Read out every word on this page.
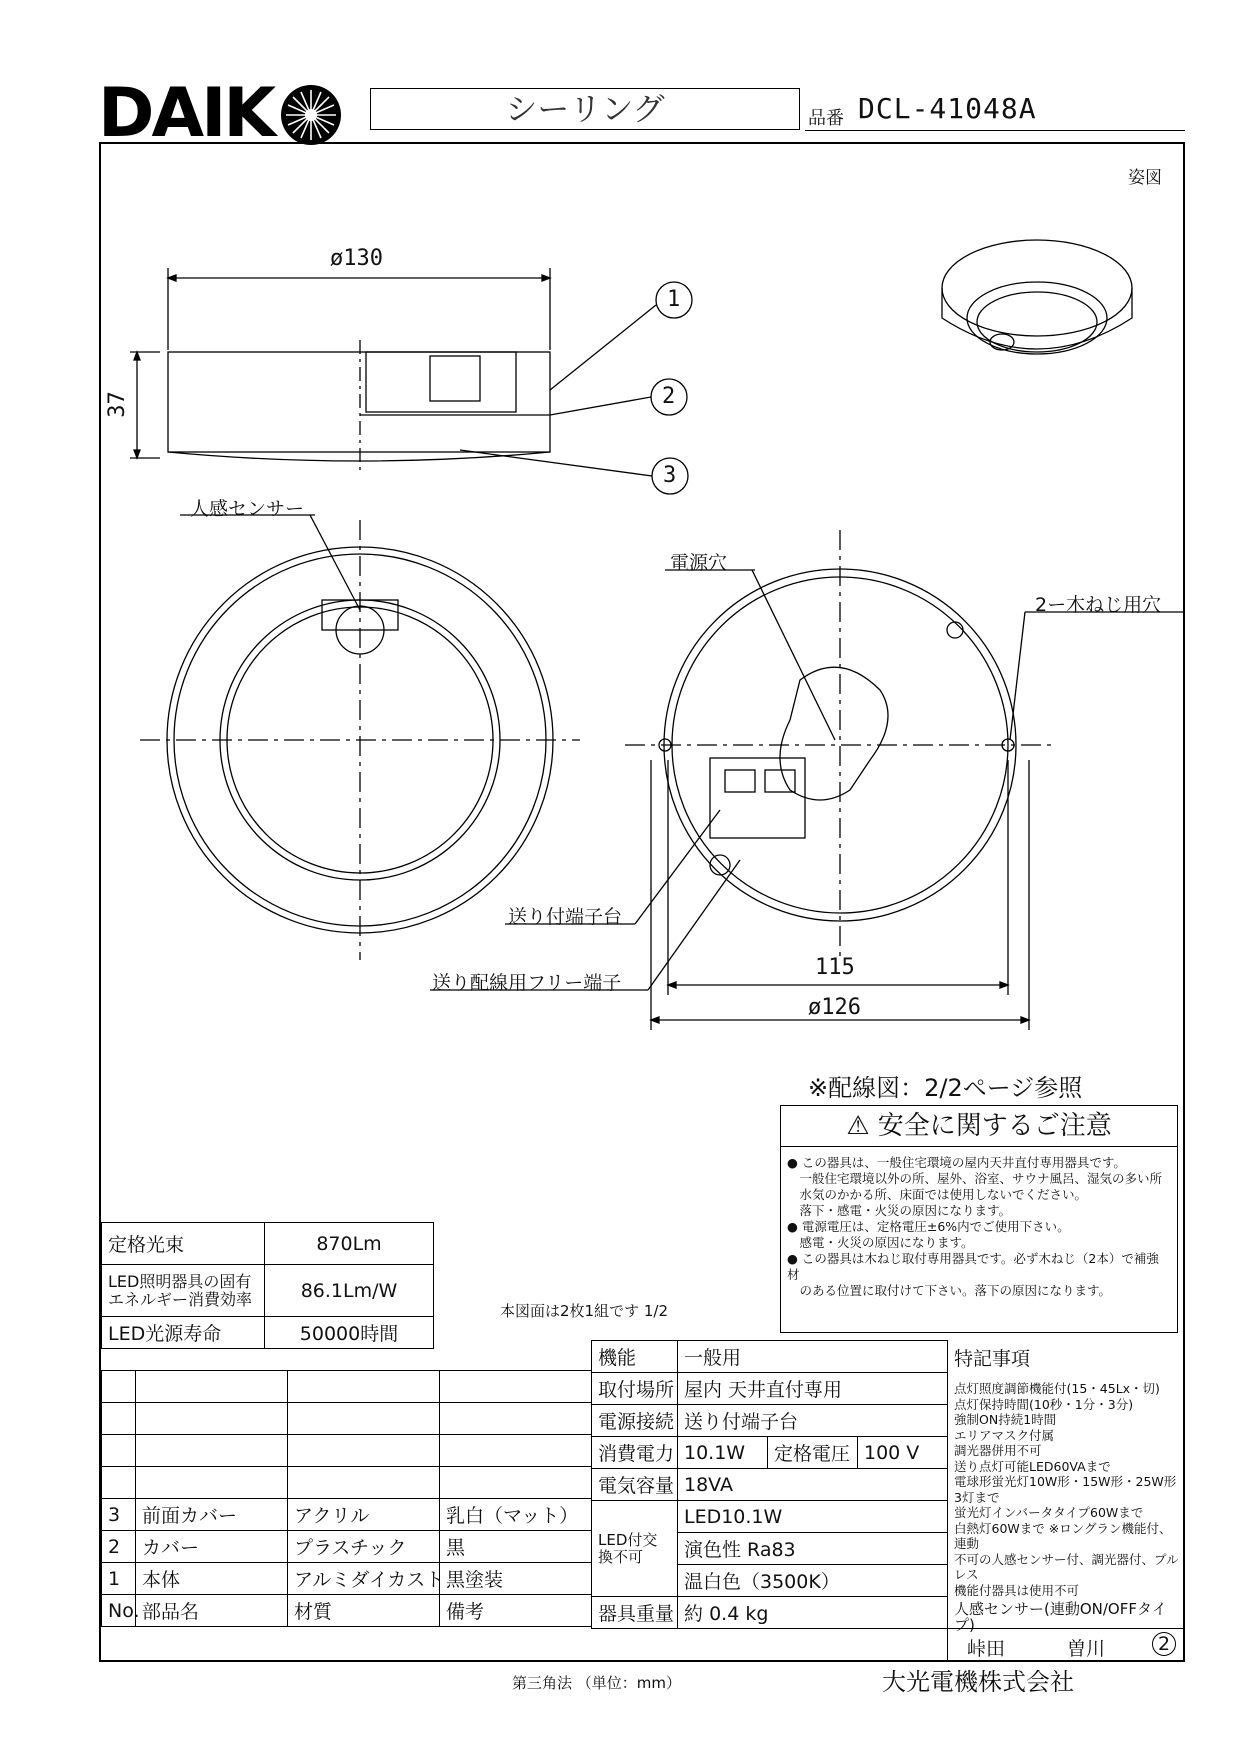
DAIK	シーリング	品番 DCL-41048A
姿図
ø130
37
1
2
3
人感センサー
電源穴
2ー木ねじ用穴
送り付端子台
送り配線用フリー端子
115
ø126
※配線図：2/2ページ参照
⚠ 安全に関するご注意
● この器具は、一般住宅環境の屋内天井直付専用器具です。
　一般住宅環境以外の所、屋外、浴室、サウナ風呂、湿気の多い所
　水気のかかる所、床面では使用しないでください。
　落下・感電・火災の原因になります。
● 電源電圧は、定格電圧±6%内でご使用下さい。
　感電・火災の原因になります。
● この器具は木ねじ取付専用器具です。必ず木ねじ（2本）で補強材
　のある位置に取付けて下さい。落下の原因になります。
定格光束	870Lm
LED照明器具の固有エネルギー消費効率	86.1Lm/W
LED光源寿命	50000時間
本図面は2枚1組です 1/2

3	前面カバー	アクリル	乳白（マット）
2	カバー	プラスチック	黒
1	本体	アルミダイカスト	黒塗装
No.	部品名	材質	備考
機能	一般用		
取付場所	屋内 天井直付専用		
電源接続	送り付端子台		
消費電力	10.1W	定格電圧	100 V
電気容量	18VA		
LED付交換不可	LED10.1W		
	演色性 Ra83		
	温白色（3500K）		
器具重量	約 0.4 kg		
特記事項
点灯照度調節機能付(15・45Lx・切)
点灯保持時間(10秒・1分・3分)
強制ON持続1時間
エリアマスク付属
調光器併用不可
送り点灯可能LED60VAまで
電球形蛍光灯10W形・15W形・25W形3灯まで
蛍光灯インバータタイプ60Wまで
白熱灯60Wまで ※ロングラン機能付、連動
不可の人感センサー付、調光器付、プルレス
機能付器具は使用不可
人感センサー(連動ON/OFFタイプ)
峠田	曽川	2
第三角法 （単位：mm）	大光電機株式会社
